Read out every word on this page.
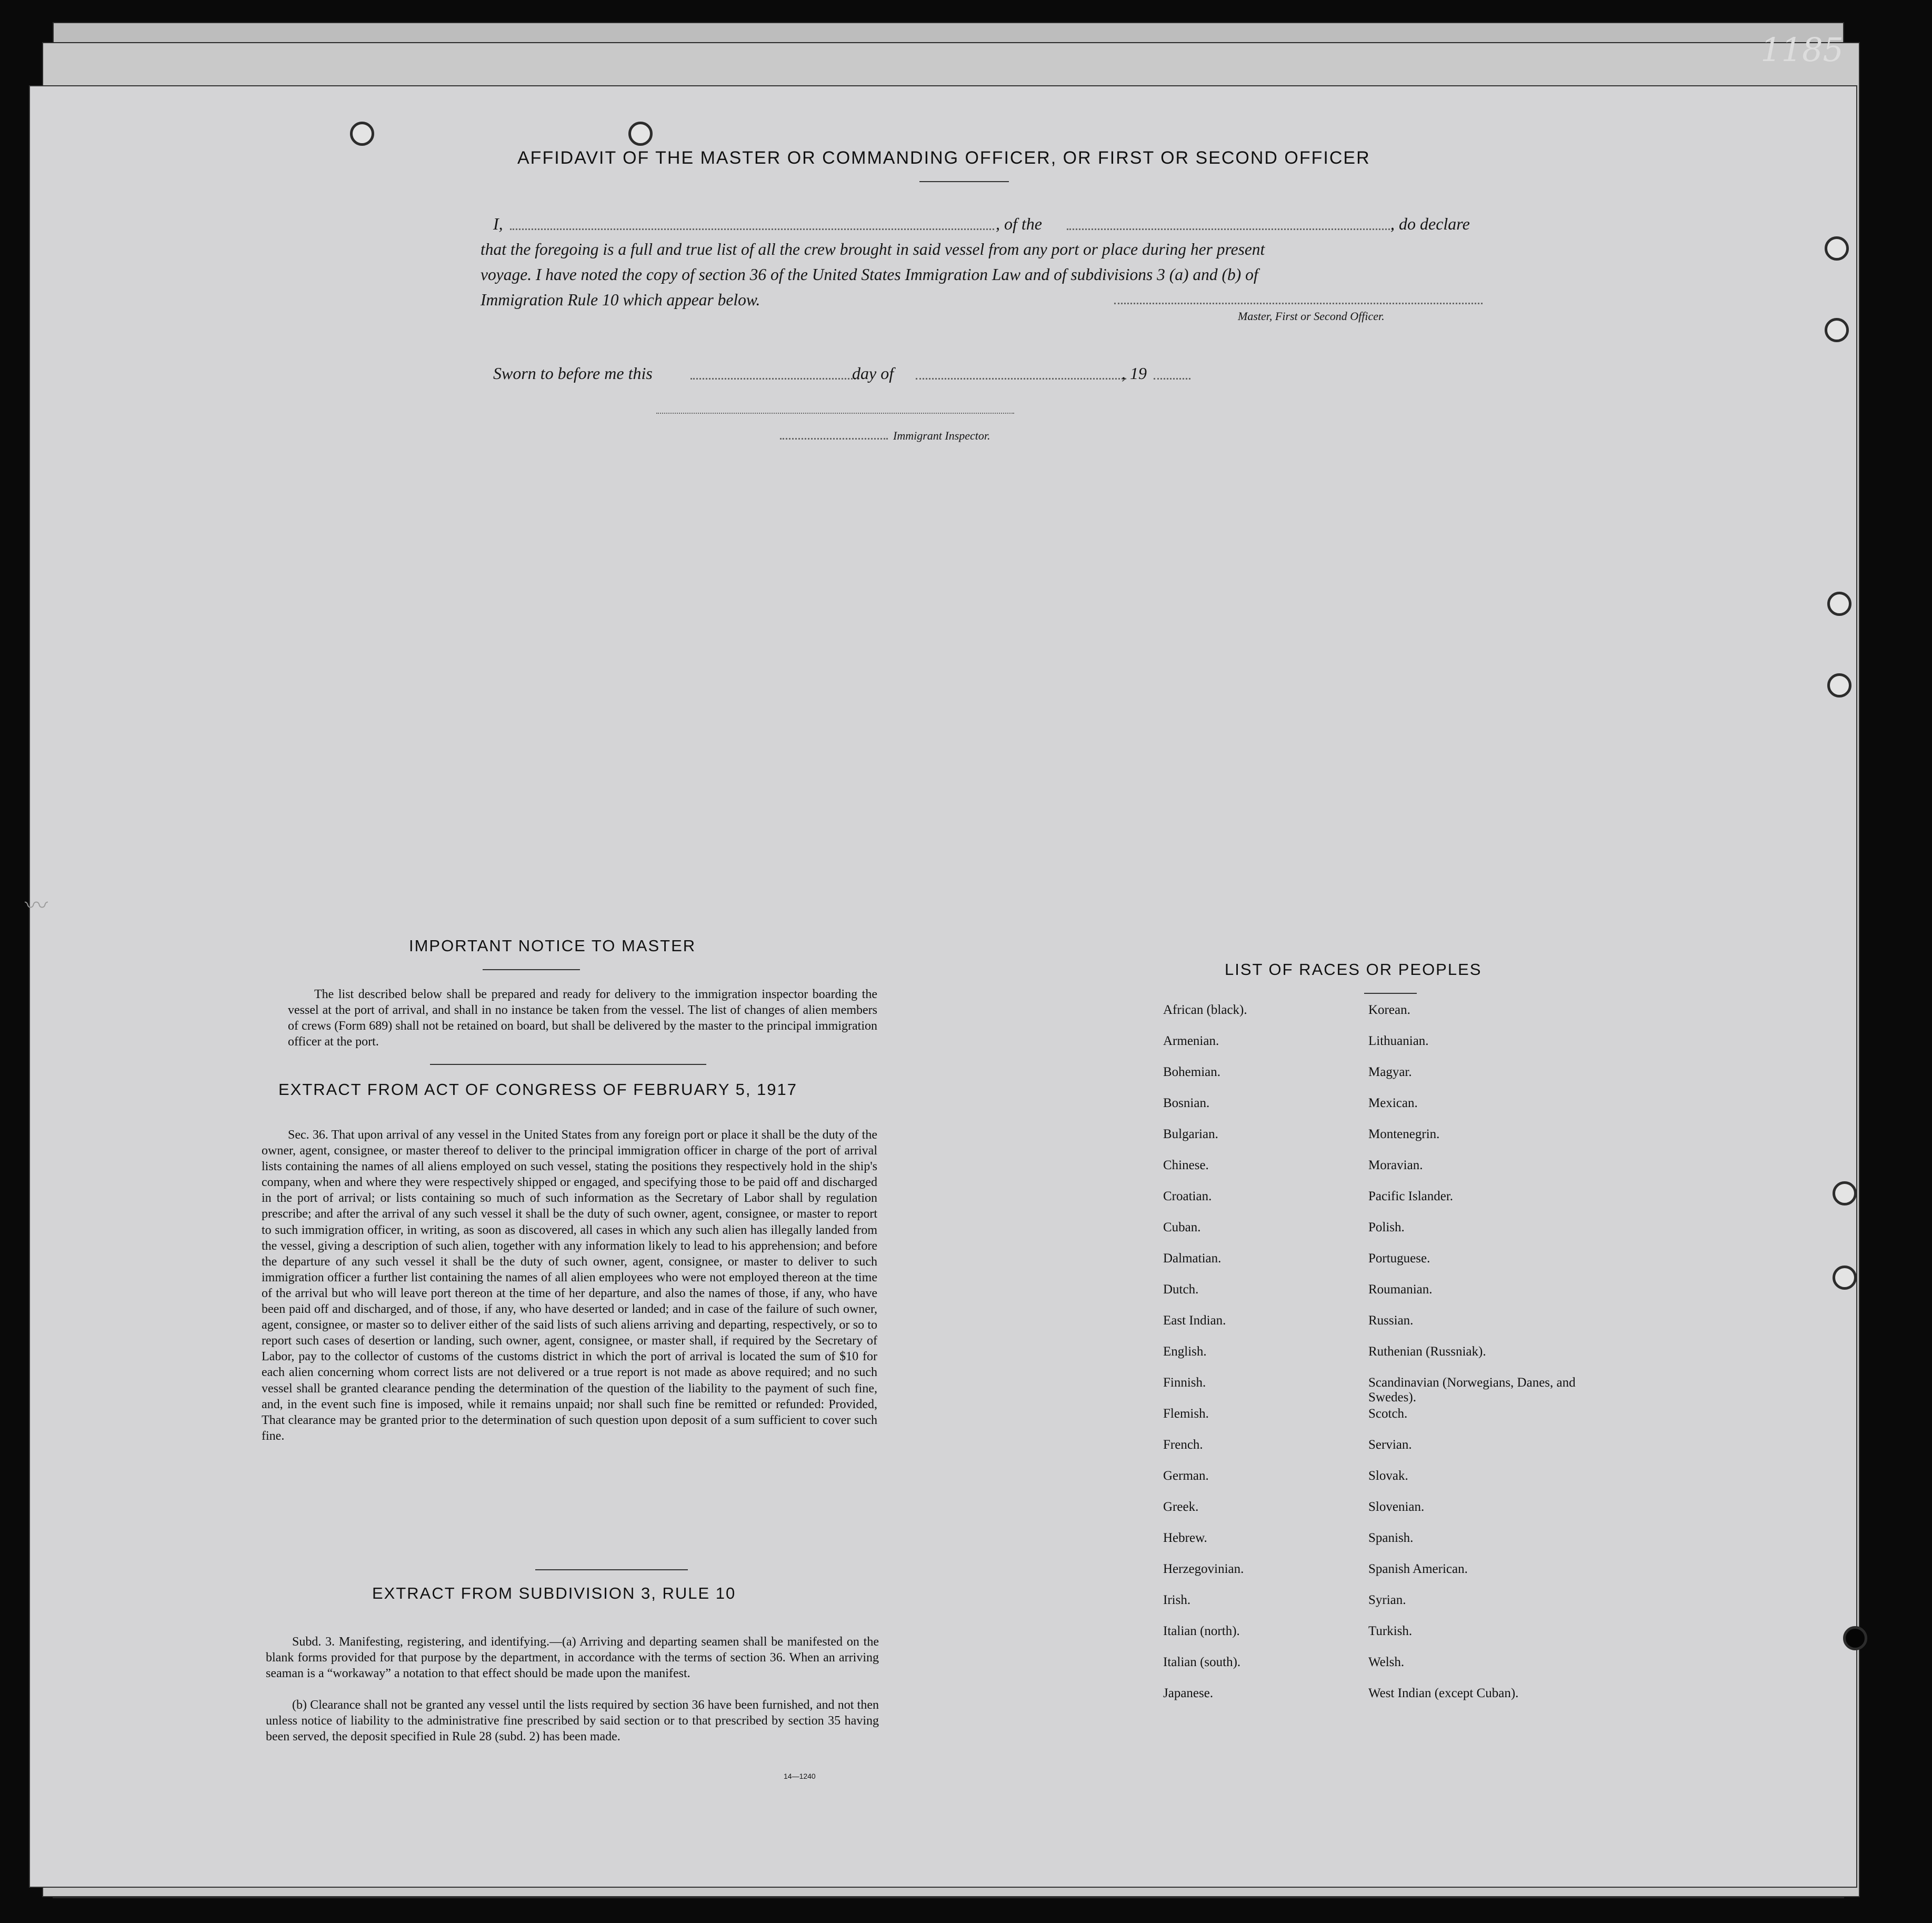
1185
〰
AFFIDAVIT OF THE MASTER OR COMMANDING OFFICER, OR FIRST OR SECOND OFFICER
I,	, of the	, do declare
that the foregoing is a full and true list of all the crew brought in said vessel from any port or place during her present
voyage. I have noted the copy of section 36 of the United States Immigration Law and of subdivisions 3 (a) and (b) of
Immigration Rule 10 which appear below.
Master, First or Second Officer.
Sworn to before me this	day of	, 19
Immigrant Inspector.
IMPORTANT NOTICE TO MASTER

The list described below shall be prepared and ready for delivery to the immigration inspector boarding the vessel at the port of arrival, and shall in no instance be taken from the vessel. The list of changes of alien members of crews (Form 689) shall not be retained on board, but shall be delivered by the master to the principal immigration officer at the port.

EXTRACT FROM ACT OF CONGRESS OF FEBRUARY 5, 1917

Sec. 36. That upon arrival of any vessel in the United States from any foreign port or place it shall be the duty of the owner, agent, consignee, or master thereof to deliver to the principal immigration officer in charge of the port of arrival lists containing the names of all aliens employed on such vessel, stating the positions they respectively hold in the ship's company, when and where they were respectively shipped or engaged, and specifying those to be paid off and discharged in the port of arrival; or lists containing so much of such information as the Secretary of Labor shall by regulation prescribe; and after the arrival of any such vessel it shall be the duty of such owner, agent, consignee, or master to report to such immigration officer, in writing, as soon as discovered, all cases in which any such alien has illegally landed from the vessel, giving a description of such alien, together with any information likely to lead to his apprehension; and before the departure of any such vessel it shall be the duty of such owner, agent, consignee, or master to deliver to such immigration officer a further list containing the names of all alien employees who were not employed thereon at the time of the arrival but who will leave port thereon at the time of her departure, and also the names of those, if any, who have been paid off and discharged, and of those, if any, who have deserted or landed; and in case of the failure of such owner, agent, consignee, or master so to deliver either of the said lists of such aliens arriving and departing, respectively, or so to report such cases of desertion or landing, such owner, agent, consignee, or master shall, if required by the Secretary of Labor, pay to the collector of customs of the customs district in which the port of arrival is located the sum of $10 for each alien concerning whom correct lists are not delivered or a true report is not made as above required; and no such vessel shall be granted clearance pending the determination of the question of the liability to the payment of such fine, and, in the event such fine is imposed, while it remains unpaid; nor shall such fine be remitted or refunded: Provided, That clearance may be granted prior to the determination of such question upon deposit of a sum sufficient to cover such fine.

EXTRACT FROM SUBDIVISION 3, RULE 10

Subd. 3. Manifesting, registering, and identifying.—(a) Arriving and departing seamen shall be manifested on the blank forms provided for that purpose by the department, in accordance with the terms of section 36. When an arriving seaman is a “workaway” a notation to that effect should be made upon the manifest.

(b) Clearance shall not be granted any vessel until the lists required by section 36 have been furnished, and not then unless notice of liability to the administrative fine prescribed by said section or to that prescribed by section 35 having been served, the deposit specified in Rule 28 (subd. 2) has been made.

14—1240
LIST OF RACES OR PEOPLES
African (black).	Korean.
Armenian.	Lithuanian.
Bohemian.	Magyar.
Bosnian.	Mexican.
Bulgarian.	Montenegrin.
Chinese.	Moravian.
Croatian.	Pacific Islander.
Cuban.	Polish.
Dalmatian.	Portuguese.
Dutch.	Roumanian.
East Indian.	Russian.
English.	Ruthenian (Russniak).
Finnish.	Scandinavian (Norwegians, Danes, and Swedes).
Flemish.	Scotch.
French.	Servian.
German.	Slovak.
Greek.	Slovenian.
Hebrew.	Spanish.
Herzegovinian.	Spanish American.
Irish.	Syrian.
Italian (north).	Turkish.
Italian (south).	Welsh.
Japanese.	West Indian (except Cuban).
